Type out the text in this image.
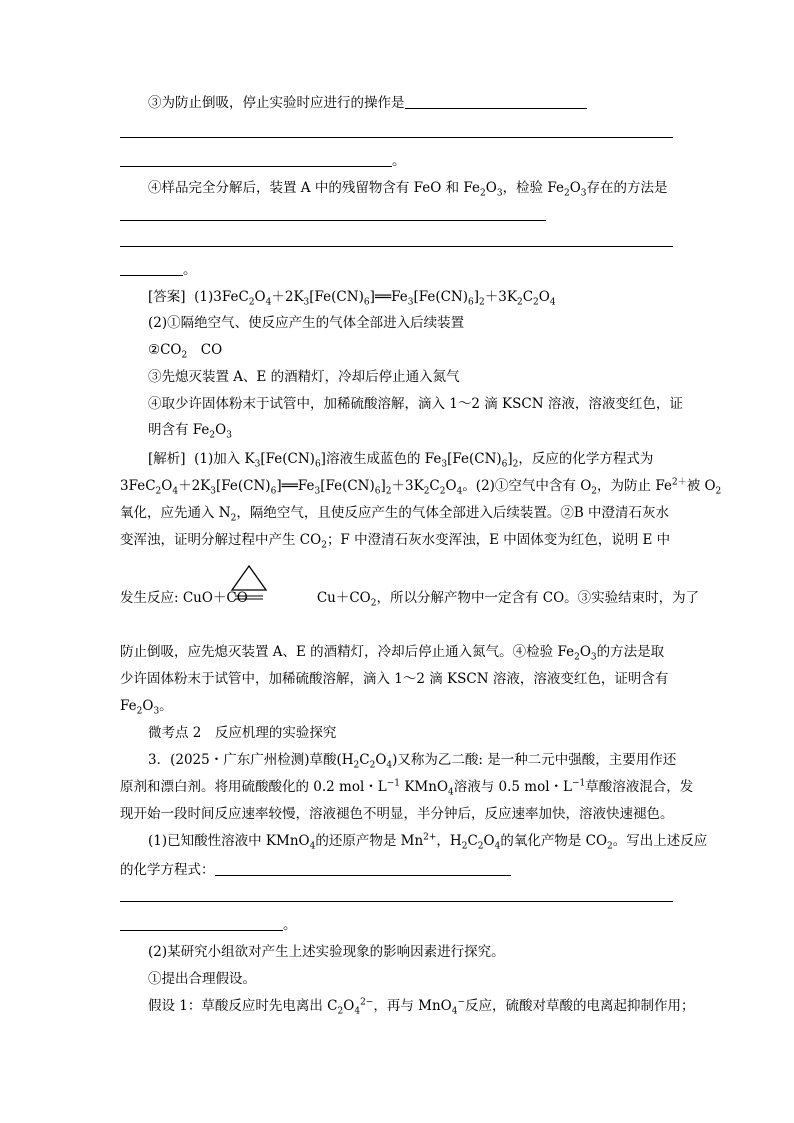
③为防止倒吸，停止实验时应进行的操作是
。
④样品完全分解后，装置 A 中的残留物含有 FeO 和 $Fe_2O_3$，检验 $Fe_2O_3$存在的方法是
。
[答案] $(1)3FeC_2O_4+2K_3[Fe(CN)_6]══Fe_3[Fe(CN)_6]_2+3K_2C_2O_4$
(2)①隔绝空气、使反应产生的气体全部进入后续装置
$②CO_2$　CO
③先熄灭装置 A、E 的酒精灯，冷却后停止通入氮气
④取少许固体粉末于试管中，加稀硫酸溶解，滴入 1～2 滴 KSCN 溶液，溶液变红色，证
明含有 $Fe_2O_3$
[解析] (1)加入 $K_3[Fe(CN)_6]$溶液生成蓝色的 $Fe_3[Fe(CN)_6]_2$，反应的化学方程式为
$3FeC_2O_4+2K_3[Fe(CN)_6]══Fe_3[Fe(CN)_6]_2+3K_2C_2O_4$。(2)①空气中含有 $O_2$，为防止 $Fe^{2+}$被 $O_2$
氧化，应先通入 $N_2$，隔绝空气，且使反应产生的气体全部进入后续装置。②B 中澄清石灰水
变浑浊，证明分解过程中产生 $CO_2$；F 中澄清石灰水变浑浊，E 中固体变为红色，说明 E 中
发生反应: CuO＋CO	$Cu+CO_2$，所以分解产物中一定含有 CO。③实验结束时，为了
防止倒吸，应先熄灭装置 A、E 的酒精灯，冷却后停止通入氮气。④检验 $Fe_2O_3$的方法是取
少许固体粉末于试管中，加稀硫酸溶解，滴入 1～2 滴 KSCN 溶液，溶液变红色，证明含有
$Fe_2O_3$。
微考点 2　反应机理的实验探究
3．(2025・广东广州检测)草酸$(H_2C_2O_4)$又称为乙二酸: 是一种二元中强酸，主要用作还
原剂和漂白剂。将用硫酸酸化的 0.2 mol・$L^{-1}$ KMnO$_4$溶液与 0.5 mol・$L^{-1}$草酸溶液混合，发
现开始一段时间反应速率较慢，溶液褪色不明显，半分钟后，反应速率加快，溶液快速褪色。
(1)已知酸性溶液中 KMnO$_4$的还原产物是 $Mn^{2+}$，$H_2C_2O_4$的氧化产物是 $CO_2$。写出上述反应
的化学方程式：
。
(2)某研究小组欲对产生上述实验现象的影响因素进行探究。
①提出合理假设。
假设 1：草酸反应时先电离出 $C_2O_4^{2-}$，再与 MnO$_4$−反应，硫酸对草酸的电离起抑制作用；
